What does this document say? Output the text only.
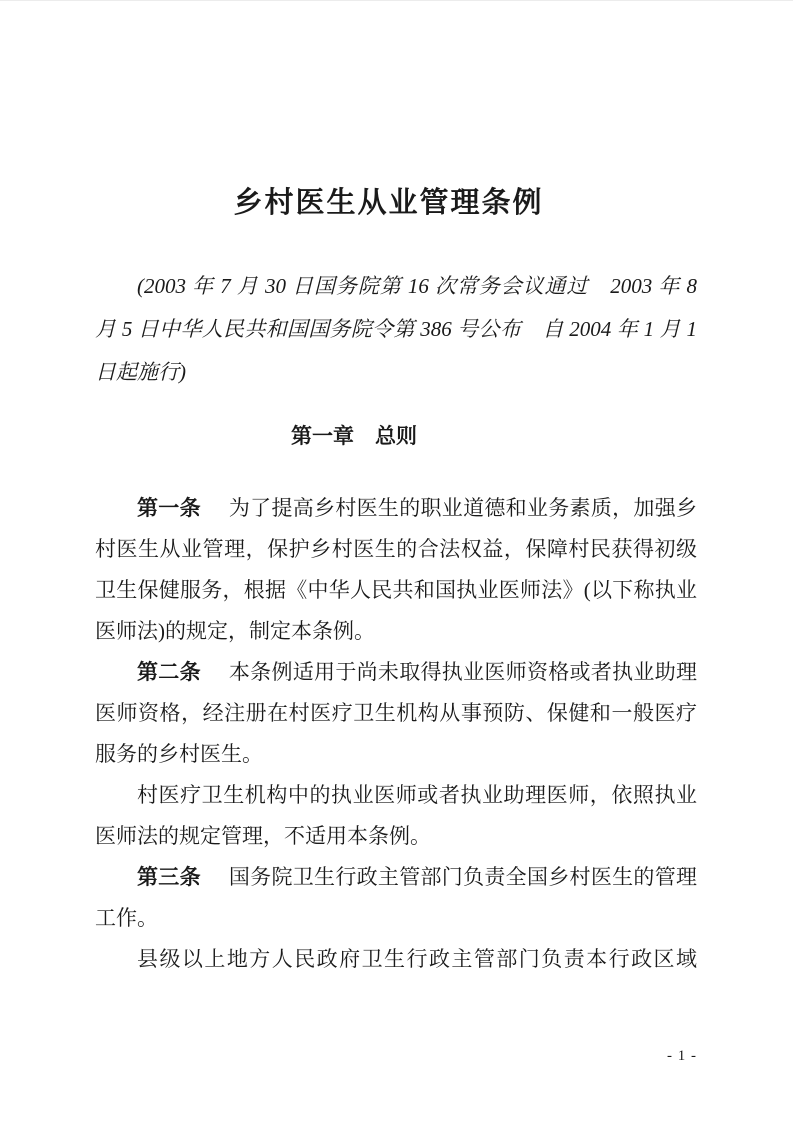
乡村医生从业管理条例

(2003 年 7 月 30 日国务院第 16 次常务会议通过　2003 年 8 月 5 日中华人民共和国国务院令第 386 号公布　自 2004 年 1 月 1 日起施行)

第一章　总则

第一条 为了提高乡村医生的职业道德和业务素质，加强乡村医生从业管理，保护乡村医生的合法权益，保障村民获得初级卫生保健服务，根据《中华人民共和国执业医师法》(以下称执业医师法)的规定，制定本条例。

第二条 本条例适用于尚未取得执业医师资格或者执业助理医师资格，经注册在村医疗卫生机构从事预防、保健和一般医疗服务的乡村医生。

村医疗卫生机构中的执业医师或者执业助理医师，依照执业医师法的规定管理，不适用本条例。

第三条 国务院卫生行政主管部门负责全国乡村医生的管理工作。

县级以上地方人民政府卫生行政主管部门负责本行政区域

- 1 -
